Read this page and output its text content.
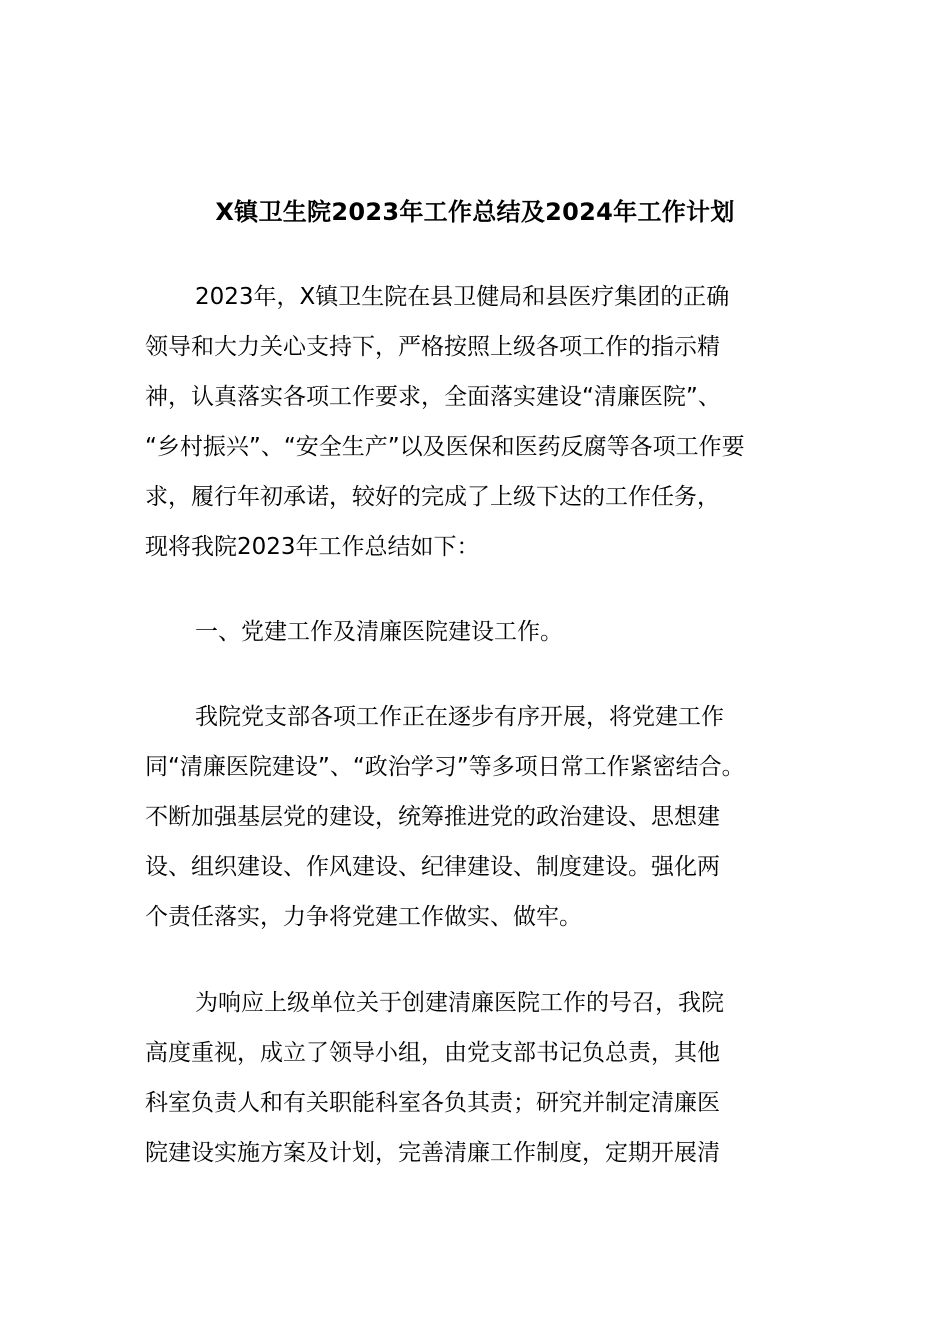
X镇卫生院2023年工作总结及2024年工作计划
2023年，X镇卫生院在县卫健局和县医疗集团的正确
领导和大力关心支持下，严格按照上级各项工作的指示精
神，认真落实各项工作要求，全面落实建设“清廉医院”、
“乡村振兴”、“安全生产”以及医保和医药反腐等各项工作要
求，履行年初承诺，较好的完成了上级下达的工作任务，
现将我院2023年工作总结如下：
一、党建工作及清廉医院建设工作。
我院党支部各项工作正在逐步有序开展，将党建工作
同“清廉医院建设”、“政治学习”等多项日常工作紧密结合。
不断加强基层党的建设，统筹推进党的政治建设、思想建
设、组织建设、作风建设、纪律建设、制度建设。强化两
个责任落实，力争将党建工作做实、做牢。
为响应上级单位关于创建清廉医院工作的号召，我院
高度重视，成立了领导小组，由党支部书记负总责，其他
科室负责人和有关职能科室各负其责；研究并制定清廉医
院建设实施方案及计划，完善清廉工作制度，定期开展清
